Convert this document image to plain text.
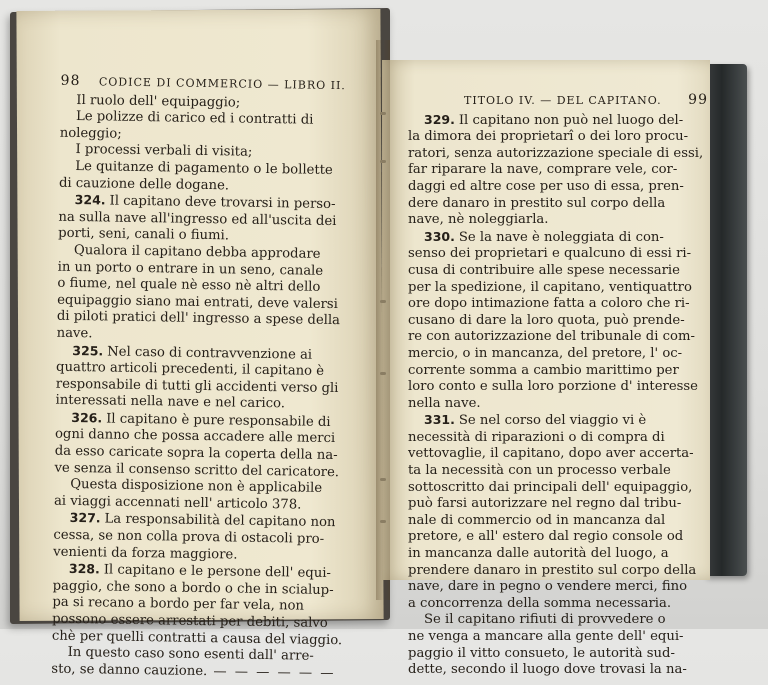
98 CODICE DI COMMERCIO — LIBRO II.
Il ruolo dell' equipaggio;
Le polizze di carico ed i contratti di
noleggio;
I processi verbali di visita;
Le quitanze di pagamento o le bollette
di cauzione delle dogane.
324. Il capitano deve trovarsi in perso-
na sulla nave all'ingresso ed all'uscita dei
porti, seni, canali o fiumi.
Qualora il capitano debba approdare
in un porto o entrare in un seno, canale
o fiume, nel quale nè esso nè altri dello
equipaggio siano mai entrati, deve valersi
di piloti pratici dell' ingresso a spese della
nave.
325. Nel caso di contravvenzione ai
quattro articoli precedenti, il capitano è
responsabile di tutti gli accidenti verso gli
interessati nella nave e nel carico.
326. Il capitano è pure responsabile di
ogni danno che possa accadere alle merci
da esso caricate sopra la coperta della na-
ve senza il consenso scritto del caricatore.
Questa disposizione non è applicabile
ai viaggi accennati nell' articolo 378.
327. La responsabilità del capitano non
cessa, se non colla prova di ostacoli pro-
venienti da forza maggiore.
328. Il capitano e le persone dell' equi-
paggio, che sono a bordo o che in scialup-
pa si recano a bordo per far vela, non
possono essere arrestati per debiti, salvo
chè per quelli contratti a causa del viaggio.
In questo caso sono esenti dall' arre-
sto, se danno cauzione. — — — — — —
TITOLO IV. — DEL CAPITANO. 99
329. Il capitano non può nel luogo del-
la dimora dei proprietarî o dei loro procu-
ratori, senza autorizzazione speciale di essi,
far riparare la nave, comprare vele, cor-
daggi ed altre cose per uso di essa, pren-
dere danaro in prestito sul corpo della
nave, nè noleggiarla.
330. Se la nave è noleggiata di con-
senso dei proprietari e qualcuno di essi ri-
cusa di contribuire alle spese necessarie
per la spedizione, il capitano, ventiquattro
ore dopo intimazione fatta a coloro che ri-
cusano di dare la loro quota, può prende-
re con autorizzazione del tribunale di com-
mercio, o in mancanza, del pretore, l' oc-
corrente somma a cambio marittimo per
loro conto e sulla loro porzione d' interesse
nella nave.
331. Se nel corso del viaggio vi è
necessità di riparazioni o di compra di
vettovaglie, il capitano, dopo aver accerta-
ta la necessità con un processo verbale
sottoscritto dai principali dell' equipaggio,
può farsi autorizzare nel regno dal tribu-
nale di commercio od in mancanza dal
pretore, e all' estero dal regio console od
in mancanza dalle autorità del luogo, a
prendere danaro in prestito sul corpo della
nave, dare in pegno o vendere merci, fino
a concorrenza della somma necessaria.
Se il capitano rifiuti di provvedere o
ne venga a mancare alla gente dell' equi-
paggio il vitto consueto, le autorità sud-
dette, secondo il luogo dove trovasi la na-
